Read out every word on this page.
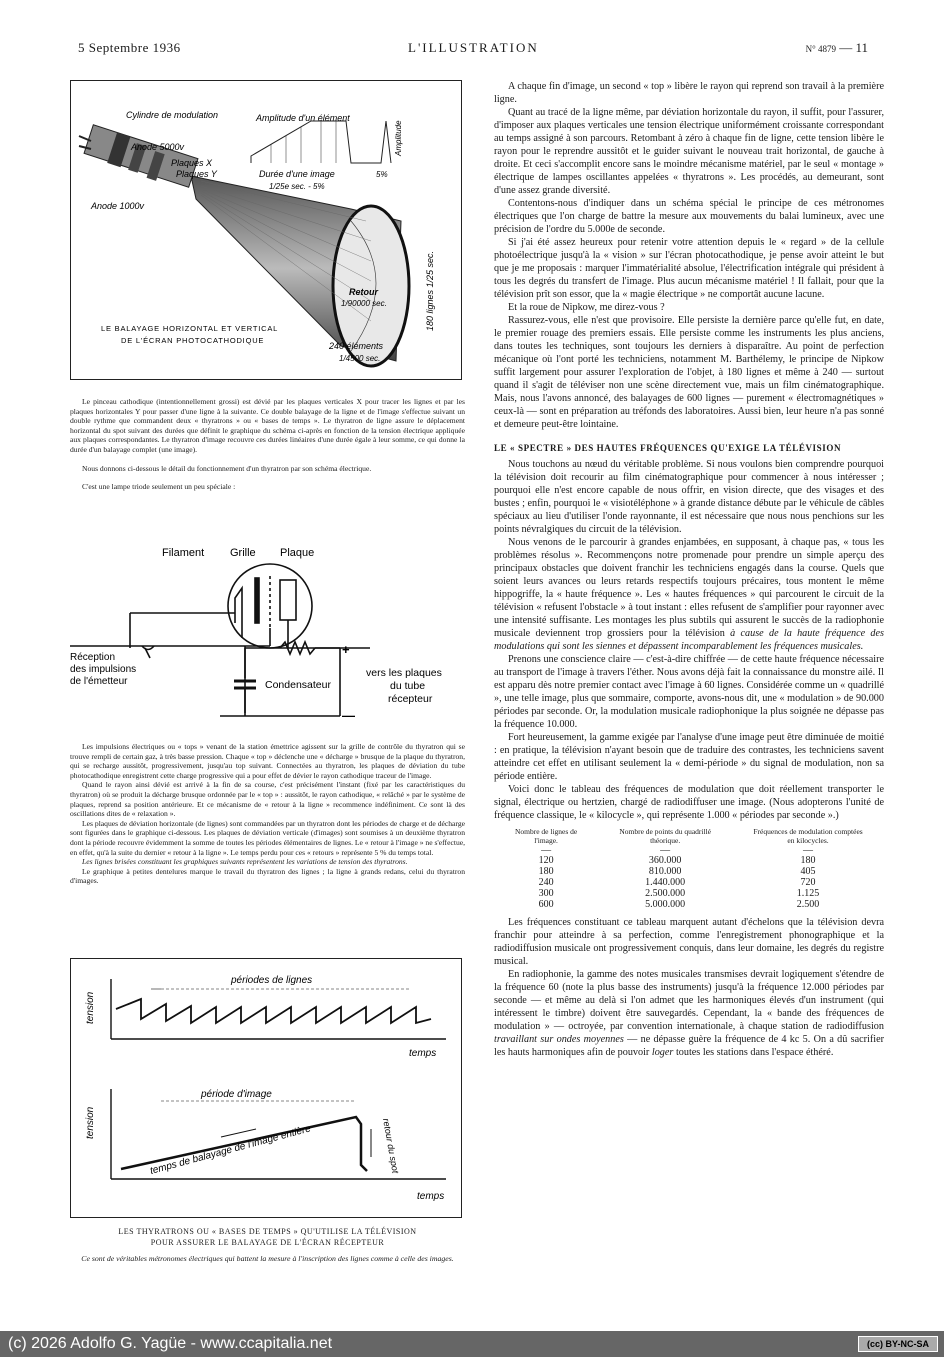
5 Septembre 1936	L'ILLUSTRATION	N° 4879 — 11
Cylindre de modulation
Anode 5000v
Plaques X
Plaques Y
Anode 1000v
Amplitude d'un élément
Amplitude
Durée d'une image
1/25e sec. - 5%
5%
Retour
1/90000 sec.	180 lignes 1/25 sec.
240 éléments
1/4500 sec.
LE BALAYAGE HORIZONTAL ET VERTICAL
DE L'ÉCRAN PHOTOCATHODIQUE

Le pinceau cathodique (intentionnellement grossi) est dévié par les plaques verticales X pour tracer les lignes et par les plaques horizontales Y pour passer d'une ligne à la suivante. Ce double balayage de la ligne et de l'image s'effectue suivant un double rythme que commandent deux « thyratrons » ou « bases de temps ». Le thyratron de ligne assure le déplacement horizontal du spot suivant des durées que définit le graphique du schéma ci-après en fonction de la tension électrique appliquée aux plaques correspondantes. Le thyratron d'image recouvre ces durées linéaires d'une durée égale à leur somme, ce qui donne la durée d'un balayage complet (une image).

Nous donnons ci-dessous le détail du fonctionnement d'un thyratron par son schéma électrique.

C'est une lampe triode seulement un peu spéciale :

Filament Grille Plaque
Réception
des impulsions
de l'émetteur	Condensateur
+
—
vers les plaques
du tube
récepteur

Les impulsions électriques ou « tops » venant de la station émettrice agissent sur la grille de contrôle du thyratron qui se trouve rempli de certain gaz, à très basse pression. Chaque « top » déclenche une « décharge » brusque de la plaque du thyratron, qui se recharge aussitôt, progressivement, jusqu'au top suivant. Connectées au thyratron, les plaques de déviation du tube photocathodique enregistrent cette charge progressive qui a pour effet de dévier le rayon cathodique traceur de l'image.

Quand le rayon ainsi dévié est arrivé à la fin de sa course, c'est précisément l'instant (fixé par les caractéristiques du thyratron) où se produit la décharge brusque ordonnée par le « top » : aussitôt, le rayon cathodique, « relâché » par le système de plaques, reprend sa position antérieure. Et ce mécanisme de « retour à la ligne » recommence indéfiniment. Ce sont là des oscillations dites de « relaxation ».

Les plaques de déviation horizontale (de lignes) sont commandées par un thyratron dont les périodes de charge et de décharge sont figurées dans le graphique ci-dessous. Les plaques de déviation verticale (d'images) sont soumises à un deuxième thyratron dont la période recouvre évidemment la somme de toutes les périodes élémentaires de lignes. Le « retour à l'image » ne s'effectue, en effet, qu'à la suite du dernier « retour à la ligne ». Le temps perdu pour ces « retours » représente 5 % du temps total.

Les lignes brisées constituant les graphiques suivants représentent les variations de tension des thyratrons.

Le graphique à petites dentelures marque le travail du thyratron des lignes ; la ligne à grands redans, celui du thyratron d'images.

tension
périodes de lignes
temps
tension
période d'image
temps de balayage de l'image entière	retour du spot
temps

LES THYRATRONS OU « BASES DE TEMPS » QU'UTILISE LA TÉLÉVISION

POUR ASSURER LE BALAYAGE DE L'ÉCRAN RÉCEPTEUR

Ce sont de véritables métronomes électriques qui battent la mesure à l'inscription des lignes comme à celle des images.

A chaque fin d'image, un second « top » libère le rayon qui reprend son travail à la première ligne.

Quant au tracé de la ligne même, par déviation horizontale du rayon, il suffit, pour l'assurer, d'imposer aux plaques verticales une tension électrique uniformément croissante correspondant au temps assigné à son parcours. Retombant à zéro à chaque fin de ligne, cette tension libère le rayon pour le reprendre aussitôt et le guider suivant le nouveau trait horizontal, de gauche à droite. Et ceci s'accomplit encore sans le moindre mécanisme matériel, par le seul « montage » électrique de lampes oscillantes appelées « thyratrons ». Les procédés, au demeurant, sont d'une assez grande diversité.

Contentons-nous d'indiquer dans un schéma spécial le principe de ces métronomes électriques que l'on charge de battre la mesure aux mouvements du balai lumineux, avec une précision de l'ordre du 5.000e de seconde.

Si j'ai été assez heureux pour retenir votre attention depuis le « regard » de la cellule photoélectrique jusqu'à la « vision » sur l'écran photocathodique, je pense avoir atteint le but que je me proposais : marquer l'immatérialité absolue, l'électrification intégrale qui président à tous les degrés du transfert de l'image. Plus aucun mécanisme matériel ! Il fallait, pour que la télévision prît son essor, que la « magie électrique » ne comportât aucune lacune.

Et la roue de Nipkow, me direz-vous ?

Rassurez-vous, elle n'est que provisoire. Elle persiste la dernière parce qu'elle fut, en date, le premier rouage des premiers essais. Elle persiste comme les instruments les plus anciens, dans toutes les techniques, sont toujours les derniers à disparaître. Au point de perfection mécanique où l'ont porté les techniciens, notamment M. Barthélemy, le principe de Nipkow suffit largement pour assurer l'exploration de l'objet, à 180 lignes et même à 240 — surtout quand il s'agit de téléviser non une scène directement vue, mais un film cinématographique. Mais, nous l'avons annoncé, des balayages de 600 lignes — purement « électromagnétiques » ceux-là — sont en préparation au tréfonds des laboratoires. Aussi bien, leur heure n'a pas sonné et demeure peut-être lointaine.

LE « SPECTRE » DES HAUTES FRÉQUENCES QU'EXIGE LA TÉLÉVISION

Nous touchons au nœud du véritable problème. Si nous voulons bien comprendre pourquoi la télévision doit recourir au film cinématographique pour commencer à nous intéresser ; pourquoi elle n'est encore capable de nous offrir, en vision directe, que des visages et des bustes ; enfin, pourquoi le « visiotéléphone » à grande distance débute par le véhicule de câbles spéciaux au lieu d'utiliser l'onde rayonnante, il est nécessaire que nous nous penchions sur les points névralgiques du circuit de la télévision.

Nous venons de le parcourir à grandes enjambées, en supposant, à chaque pas, « tous les problèmes résolus ». Recommençons notre promenade pour prendre un simple aperçu des principaux obstacles que doivent franchir les techniciens engagés dans la course. Quels que soient leurs avances ou leurs retards respectifs toujours précaires, tous montent le même hippogriffe, la « haute fréquence ». Les « hautes fréquences » qui parcourent le circuit de la télévision « refusent l'obstacle » à tout instant : elles refusent de s'amplifier pour rayonner avec une intensité suffisante. Les montages les plus subtils qui assurent le succès de la radiophonie musicale deviennent trop grossiers pour la télévision à cause de la haute fréquence des modulations qui sont les siennes et dépassent incomparablement les fréquences musicales.

Prenons une conscience claire — c'est-à-dire chiffrée — de cette haute fréquence nécessaire au transport de l'image à travers l'éther. Nous avons déjà fait la connaissance du monstre ailé. Il est apparu dès notre premier contact avec l'image à 60 lignes. Considérée comme un « quadrillé », une telle image, plus que sommaire, comporte, avons-nous dit, une « modulation » de 90.000 périodes par seconde. Or, la modulation musicale radiophonique la plus soignée ne dépasse pas la fréquence 10.000.

Fort heureusement, la gamme exigée par l'analyse d'une image peut être diminuée de moitié : en pratique, la télévision n'ayant besoin que de traduire des contrastes, les techniciens savent atteindre cet effet en utilisant seulement la « demi-période » du signal de modulation, non sa période entière.

Voici donc le tableau des fréquences de modulation que doit réellement transporter le signal, électrique ou hertzien, chargé de radiodiffuser une image. (Nous adopterons l'unité de fréquence classique, le « kilocycle », qui représente 1.000 « périodes par seconde ».)

Nombre de lignes de l'image.	Nombre de points du quadrillé théorique.	Fréquences de modulation comptées en kilocycles.
—	—	—
120	360.000	180
180	810.000	405
240	1.440.000	720
300	2.500.000	1.125
600	5.000.000	2.500

Les fréquences constituant ce tableau marquent autant d'échelons que la télévision devra franchir pour atteindre à sa perfection, comme l'enregistrement phonographique et la radiodiffusion musicale ont progressivement conquis, dans leur domaine, les degrés du registre musical.

En radiophonie, la gamme des notes musicales transmises devrait logiquement s'étendre de la fréquence 60 (note la plus basse des instruments) jusqu'à la fréquence 12.000 périodes par seconde — et même au delà si l'on admet que les harmoniques élevés d'un instrument (qui intéressent le timbre) doivent être sauvegardés. Cependant, la « bande des fréquences de modulation » — octroyée, par convention internationale, à chaque station de radiodiffusion travaillant sur ondes moyennes — ne dépasse guère la fréquence de 4 kc 5. On a dû sacrifier les hauts harmoniques afin de pouvoir loger toutes les stations dans l'espace éthéré.

(c) 2026 Adolfo G. Yagüe - www.ccapitalia.net	(cc) BY-NC-SA
